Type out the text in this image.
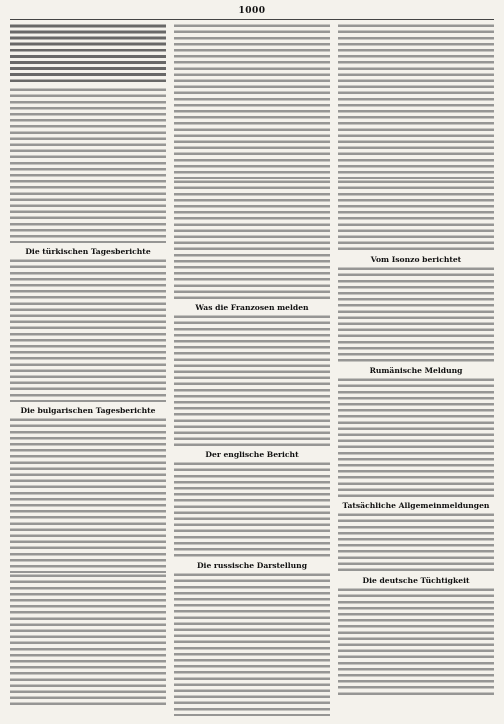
1000
Die türkischen Tagesberichte
Die bulgarischen Tagesberichte
Was die Franzosen melden
Der englische Bericht
Die russische Darstellung
Vom Isonzo berichtet
Rumänische Meldung
Tatsächliche Allgemeinmeldungen
Die deutsche Tüchtigkeit
